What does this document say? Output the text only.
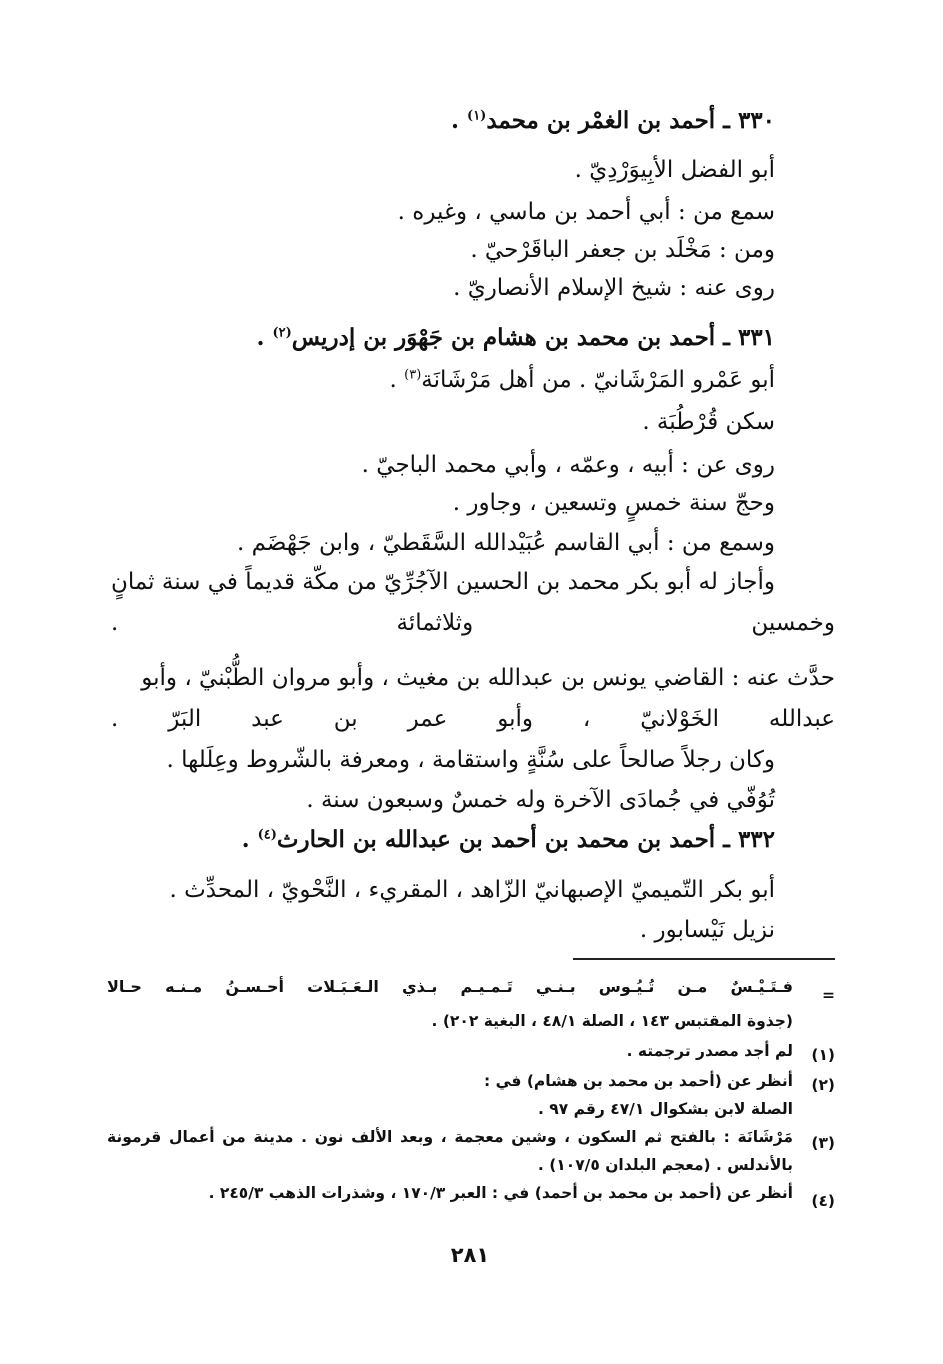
٣٣٠ ـ أحمد بن الغمْر بن محمد$^{(١)}$ .

أبو الفضل الأبِيوَرْدِيّ .

سمع من : أبي أحمد بن ماسي ، وغيره .

ومن : مَخْلَد بن جعفر الباقَرْحيّ .

روى عنه : شيخ الإسلام الأنصاريّ .

٣٣١ ـ أحمد بن محمد بن هشام بن جَهْوَر بن إدريس$^{(٢)}$ .

أبو عَمْرو المَرْشَانيّ . من أهل مَرْشَانَة$^{(٣)}$ .

سكن قُرْطُبَة .

روى عن : أبيه ، وعمّه ، وأبي محمد الباجيّ .

وحجّ سنة خمسٍ وتسعين ، وجاور .

وسمع من : أبي القاسم عُبَيْدالله السَّقَطيّ ، وابن جَهْضَم .

وأجاز له أبو بكر محمد بن الحسين الآجُرِّيّ من مكّة قديماً في سنة ثمانٍ

وخمسين وثلاثمائة .

حدَّث عنه : القاضي يونس بن عبدالله بن مغيث ، وأبو مروان الطُّبْنيّ ، وأبو

عبدالله الخَوْلانيّ ، وأبو عمر بن عبد البَرّ .

وكان رجلاً صالحاً على سُنَّةٍ واستقامة ، ومعرفة بالشّروط وعِلَلها .

تُوُفّي في جُمادَى الآخرة وله خمسٌ وسبعون سنة .

٣٣٢ ـ أحمد بن محمد بن أحمد بن عبدالله بن الحارث$^{(٤)}$ .

أبو بكر التّميميّ الإصبهانيّ الزّاهد ، المقريء ، النَّحْويّ ، المحدِّث .

نزيل نَيْسابور .

=

فـتَـيْـسٌ مـن تُـيُـوس بـنـي تَـمـيـم بـذي الـعَـبَـلات أحـسـنُ مـنـه حـالا

(جذوة المقتبس ١٤٣ ، الصلة ٤٨/١ ، البغية ٢٠٢) .

(١)

لم أجد مصدر ترجمته .

(٢)

أنظر عن (أحمد بن محمد بن هشام) في :

الصلة لابن بشكوال ٤٧/١ رقم ٩٧ .

(٣)

مَرْشَانَة : بالفتح ثم السكون ، وشين معجمة ، وبعد الألف نون . مدينة من أعمال قرمونة

بالأندلس . (معجم البلدان ١٠٧/٥) .

(٤)

أنظر عن (أحمد بن محمد بن أحمد) في : العبر ١٧٠/٣ ، وشذرات الذهب ٢٤٥/٣ .

٢٨١
